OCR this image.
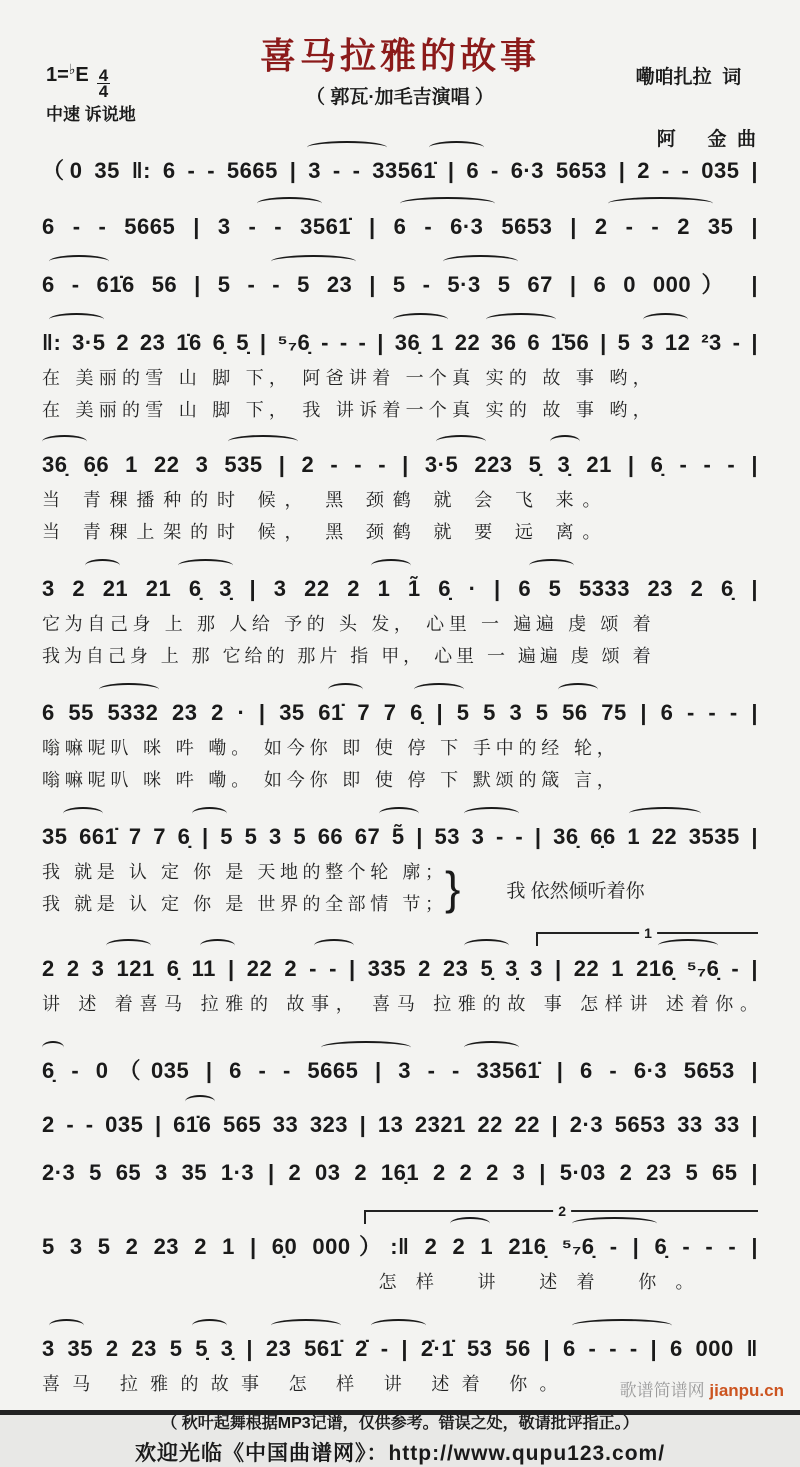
喜马拉雅的故事
（ 郭瓦·加毛吉演唱 ）
1= ♭ E $\frac{4}{4}$
中速 诉说地
嘞咱扎拉  词

阿      金  曲
（0 35 ‖: 6 - - 5665 | 3 - - 33561̇ | 6 - 6·3 5653 | 2 - - 035 |
6 - - 5665 | 3 - - 3561̇ | 6 - 6·3 5653 | 2 - - 2 35 |
6 - 61̇6 56 | 5 - - 5 23 | 5 - 5·3 5 67 | 6 0 000） |
‖: 3·5 2 23 1̇6 6̣ 5̣ | ⁵₇6̣ - - - | 36̣ 1 22 36 6 1̇56 | 5 3 12 ²3 - |
在 美丽的雪 山 脚 下， 阿爸讲着 一个真 实的 故 事 哟，
在 美丽的雪 山 脚 下， 我 讲诉着一个真 实的 故 事 哟，
36̣ 6̣6 1 22 3 535 | 2 - - - | 3·5 223 5̣ 3̣ 21 | 6̣ - - - |
当 青稞播种的时 候， 黑 颈鹤 就 会 飞 来。
当 青稞上架的时 候， 黑 颈鹤 就 要 远 离。
3 2 21 21 6̣ 3̣ | 3 22 2 1 1̃ 6̣ · | 6 5 5333 23 2 6̣ |
它为自己身 上 那 人给 予的 头 发， 心里 一 遍遍 虔 颂 着
我为自己身 上 那 它给的 那片 指 甲， 心里 一 遍遍 虔 颂 着
6 55 5332 23 2 · | 35 61̇ 7 7 6̣ | 5 5 3 5 56 75 | 6 - - - |
嗡嘛呢叭 咪 吽 嘞。 如今你 即 使 停 下 手中的经 轮，
嗡嘛呢叭 咪 吽 嘞。 如今你 即 使 停 下 默颂的箴 言，
35 661̇ 7 7 6̣ | 5 5 3 5 66 67 5̃ | 53 3 - - | 36̣ 6̣6 1 22 3535 |
我 就是 认 定 你 是 天地的整个轮 廓；
我 就是 认 定 你 是 世界的全部情 节； } 我 依然倾听着你
1
2 2 3 121 6̣ 11 | 22 2 - - | 335 2 23 5̣ 3̣ 3 | 22 1 216̣ ⁵₇6̣ - |
讲 述 着喜马 拉雅的 故事， 喜马 拉雅的故 事 怎样讲 述着你。
6̣ - 0（035 | 6 - - 5665 | 3 - - 33561̇ | 6 - 6·3 5653 |
2 - - 035 | 61̇6 565 33 323 | 13 2321 22 22 | 2·3 5653 33 33 |
2·3 5 65 3 35 1·3 | 2 03 2 16̣1 2 2 2 3 | 5·03 2 23 5 65 |
2
5 3 5 2 23 2 1 | 6̣0 000）:‖ 2 2 1 216̣ ⁵₇6̣ - | 6̣ - - - |
怎样 讲 述着 你。
3 35 2 23 5 5̣ 3̣ | 23 561̇ 2̇ - | 2̇·1̇ 53 56 | 6 - - - | 6 000 ‖
喜马 拉雅的故事 怎 样 讲 述着 你。
（ 秋叶起舞根据MP3记谱，仅供参考。错误之处，敬请批评指正。）
欢迎光临《中国曲谱网》：http://www.qupu123.com/
歌谱简谱网 jianpu.cn
